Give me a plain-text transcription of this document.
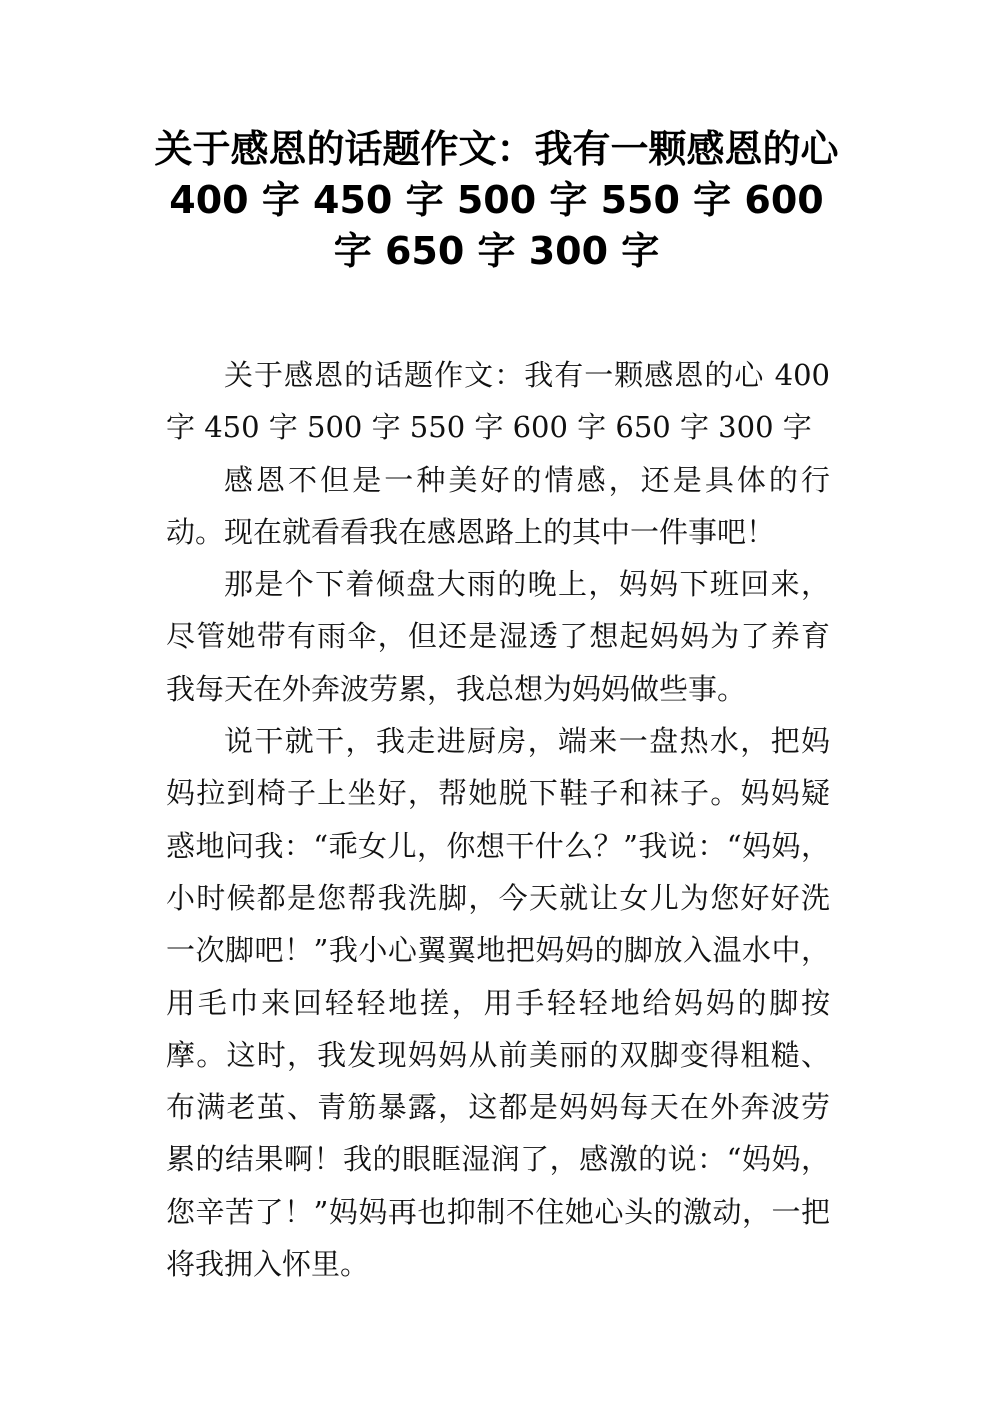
关于感恩的话题作文：我有一颗感恩的心 400 字 450 字 500 字 550 字 600 字 650 字 300 字

关于感恩的话题作文：我有一颗感恩的心 400 字 450 字 500 字 550 字 600 字 650 字 300 字

感恩不但是一种美好的情感，还是具体的行动。现在就看看我在感恩路上的其中一件事吧！

那是个下着倾盘大雨的晚上，妈妈下班回来，尽管她带有雨伞，但还是湿透了想起妈妈为了养育我每天在外奔波劳累，我总想为妈妈做些事。

说干就干，我走进厨房，端来一盘热水，把妈妈拉到椅子上坐好，帮她脱下鞋子和袜子。妈妈疑惑地问我：“乖女儿，你想干什么？”我说：“妈妈，小时候都是您帮我洗脚，今天就让女儿为您好好洗一次脚吧！”我小心翼翼地把妈妈的脚放入温水中，用毛巾来回轻轻地搓，用手轻轻地给妈妈的脚按摩。这时，我发现妈妈从前美丽的双脚变得粗糙、布满老茧、青筋暴露，这都是妈妈每天在外奔波劳累的结果啊！我的眼眶湿润了，感激的说：“妈妈，您辛苦了！”妈妈再也抑制不住她心头的激动，一把将我拥入怀里。
